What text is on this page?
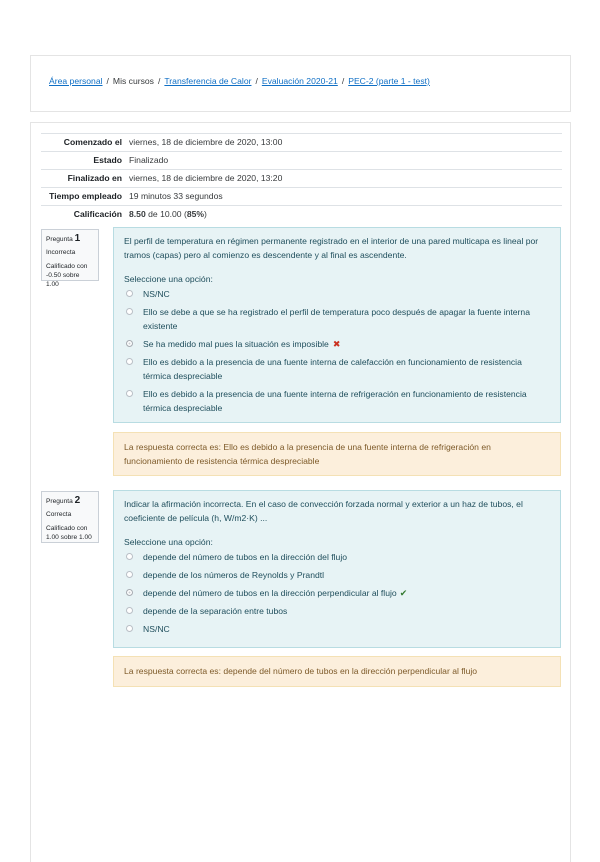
Área personal / Mis cursos / Transferencia de Calor / Evaluación 2020-21 / PEC-2 (parte 1 - test)
Comenzado el	viernes, 18 de diciembre de 2020, 13:00
Estado	Finalizado
Finalizado en	viernes, 18 de diciembre de 2020, 13:20
Tiempo empleado	19 minutos 33 segundos
Calificación	8.50 de 10.00 (85%)
Pregunta 1
Incorrecta
Calificado con -0.50 sobre 1.00
El perfil de temperatura en régimen permanente registrado en el interior de una pared multicapa es lineal por tramos (capas) pero al comienzo es descendente y al final es ascendente.
Seleccione una opción:
NS/NC
Ello se debe a que se ha registrado el perfil de temperatura poco después de apagar la fuente interna existente
Se ha medido mal pues la situación es imposible ✖
Ello es debido a la presencia de una fuente interna de calefacción en funcionamiento de resistencia térmica despreciable
Ello es debido a la presencia de una fuente interna de refrigeración en funcionamiento de resistencia térmica despreciable
La respuesta correcta es: Ello es debido a la presencia de una fuente interna de refrigeración en funcionamiento de resistencia térmica despreciable
Pregunta 2
Correcta
Calificado con 1.00 sobre 1.00
Indicar la afirmación incorrecta. En el caso de convección forzada normal y exterior a un haz de tubos, el coeficiente de película (h, W/m2·K) ...
Seleccione una opción:
depende del número de tubos en la dirección del flujo
depende de los números de Reynolds y Prandtl
depende del número de tubos en la dirección perpendicular al flujo ✔
depende de la separación entre tubos
NS/NC
La respuesta correcta es: depende del número de tubos en la dirección perpendicular al flujo
